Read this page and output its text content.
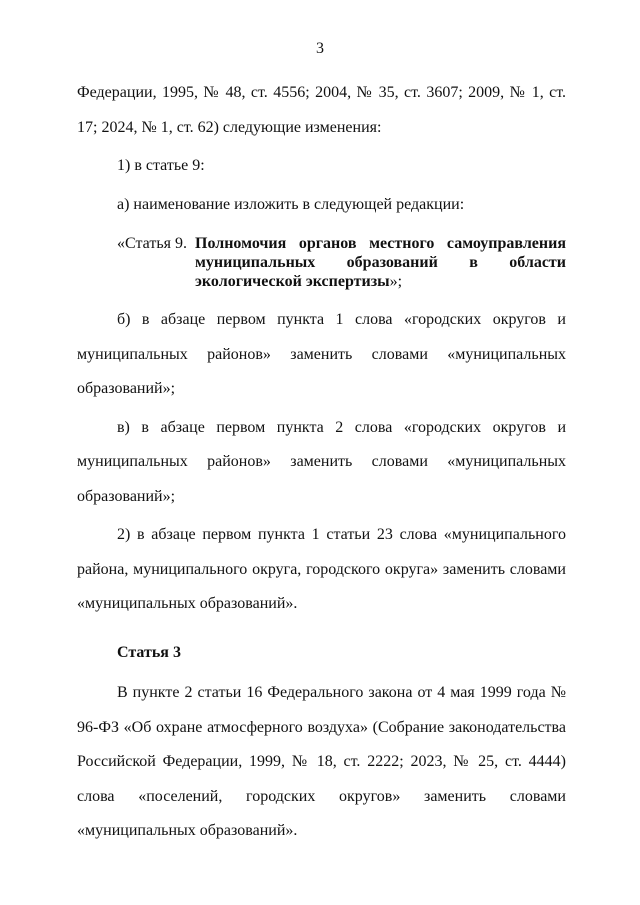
3

Федерации, 1995, № 48, ст. 4556; 2004, № 35, ст. 3607; 2009, № 1, ст. 17; 2024, № 1, ст. 62) следующие изменения:

1) в статье 9:

а) наименование изложить в следующей редакции:

«Статья 9. Полномочия органов местного самоуправления муниципальных образований в области экологической экспертизы»;

б) в абзаце первом пункта 1 слова «городских округов и муниципальных районов» заменить словами «муниципальных образований»;

в) в абзаце первом пункта 2 слова «городских округов и муниципальных районов» заменить словами «муниципальных образований»;

2) в абзаце первом пункта 1 статьи 23 слова «муниципального района, муниципального округа, городского округа» заменить словами «муниципальных образований».

Статья 3

В пункте 2 статьи 16 Федерального закона от 4 мая 1999 года № 96-ФЗ «Об охране атмосферного воздуха» (Собрание законодательства Российской Федерации, 1999, № 18, ст. 2222; 2023, № 25, ст. 4444) слова «поселений, городских округов» заменить словами «муниципальных образований».
